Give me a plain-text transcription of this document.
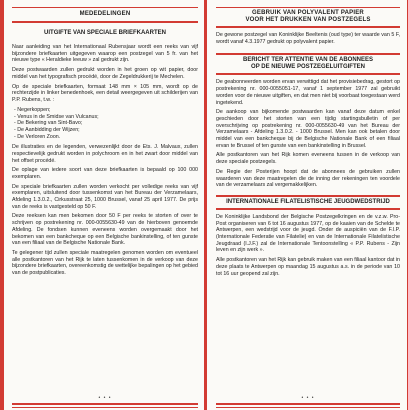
MEDEDELINGEN
UITGIFTE VAN SPECIALE BRIEFKAARTEN

Naar aanleiding van het Internationaal Rubensjaar wordt een reeks van vijf bijzondere briefkaarten uitgegeven waarop een postzegel van 5 fr. van het nieuwe type « Heraldieke leeuw » zal gedrukt zijn.

Deze postwaarden zullen gedrukt worden in het groen op wit papier, door middel van het typografisch procédé, door de Zegeldrukkerij te Mechelen.

Op de speciale briefkaarten, formaat 148 mm × 105 mm, wordt op de rechterzijde in linker benedenhoek, een detail weergegeven uit schilderijen van P.P. Rubens, t.w. :

- Negerkoppen;
- Venus in de Smidse van Vulcanus;
- De Bekering van Sint-Bavo;
- De Aanbidding der Wijzen;
- De Verloren Zoon.

De illustraties en de legenden, verwezenlijkt door de Ets. J. Malvaux, zullen respectievelijk gedrukt worden in polychroom en in het zwart door middel van het offset procédé.

De oplage van iedere soort van deze briefkaarten is bepaald op 100 000 exemplaren.

De speciale briefkaarten zullen worden verkocht per volledige reeks van vijf exemplaren, uitsluitend door tussenkomst van het Bureau der Verzamelaars, Afdeling 1.3.0.2., Cirkusstraat 25, 1000 Brussel, vanaf 25 april 1977. De prijs van de reeks is vastgesteld op 50 F.

Deze reeksen kan men bekomen door 50 F per reeks te storten of over te schrijven op postrekening nr. 000-0055630-49 van de hierboven genoemde Afdeling. De fondsen kunnen eveneens worden overgemaakt door het bekomen van een bankcheque op een Belgische bankinstelling, of ten gunste van een filiaal van de Belgische Nationale Bank.

Te gelegener tijd zullen speciale maatregelen genomen worden om eventueel alle postkantoren van het Rijk te laten tussenkomen in de verkoop van deze bijzondere briefkaarten, overeenkomstig de wettelijke bepalingen op het gebied van de postpublicaties.

• • •
GEBRUIK VAN POLYVALENT PAPIER
VOOR HET DRUKKEN VAN POSTZEGELS

De gewone postzegel van Koninklijke Beeltenis (oud type) ter waarde van 5 F, wordt vanaf 4.3.1977 gedrukt op polyvalent papier.

BERICHT TER ATTENTIE VAN DE ABONNEES
OP DE NIEUWE POSTZEGELUITGIFTEN

De geabonneerden worden ervan verwittigd dat het provisiebedrag, gestort op postrekening nr. 000-0055051-17, vanaf 1 september 1977 zal gebruikt worden voor de nieuwe uitgiften, en dat men niet bij voorbaat toegestaan werd ingetekend.

De aankoop van bijkomende postwaarden kan vanaf deze datum enkel geschieden door het storten van een tijdig startingsbulletin of per overschrijving op postrekening nr. 000-0055630-49 van het Bureau der Verzamelaars - Afdeling 1.3.0.2. - 1000 Brussel. Men kan ook betalen door middel van een bankcheque bij de Belgische Nationale Bank of een filiaal ervan te Brussel of ten gunste van een bankinstelling in Brussel.

Alle postkantoren van het Rijk komen eveneens tussen in de verkoop van deze speciale postzegels.

De Regie der Posterijen hoopt dat de abonnees de gebruiken zullen waarderen van deze maatregelen die de inning der rekeningen ten voordele van de verzamelaars zal vergemakkelijken.

INTERNATIONALE FILATELISTISCHE JEUGDWEDSTRIJD

De Koninklijke Landsbond der Belgische Postzegelkringen en de v.z.w. Pro-Post organiseren van 6 tot 16 augustus 1977, op de kaaien van de Schelde te Antwerpen, een wedstrijd voor de jeugd. Onder de auspiciën van de F.I.P. (Internationale Federatie van Filatelie) en van de Internationale Filatelistische Jeugdraad (I.J.F.) zal de Internationale Tentoonstelling « P.P. Rubens - Zijn leven en zijn werk ».

Alle postkantoren van het Rijk kan gebruik maken van een filiaal kantoor dat in deze plaats te Antwerpen op maandag 15 augustus a.s. in de periode van 10 tot 16 uur geopend zal zijn.

• • •
